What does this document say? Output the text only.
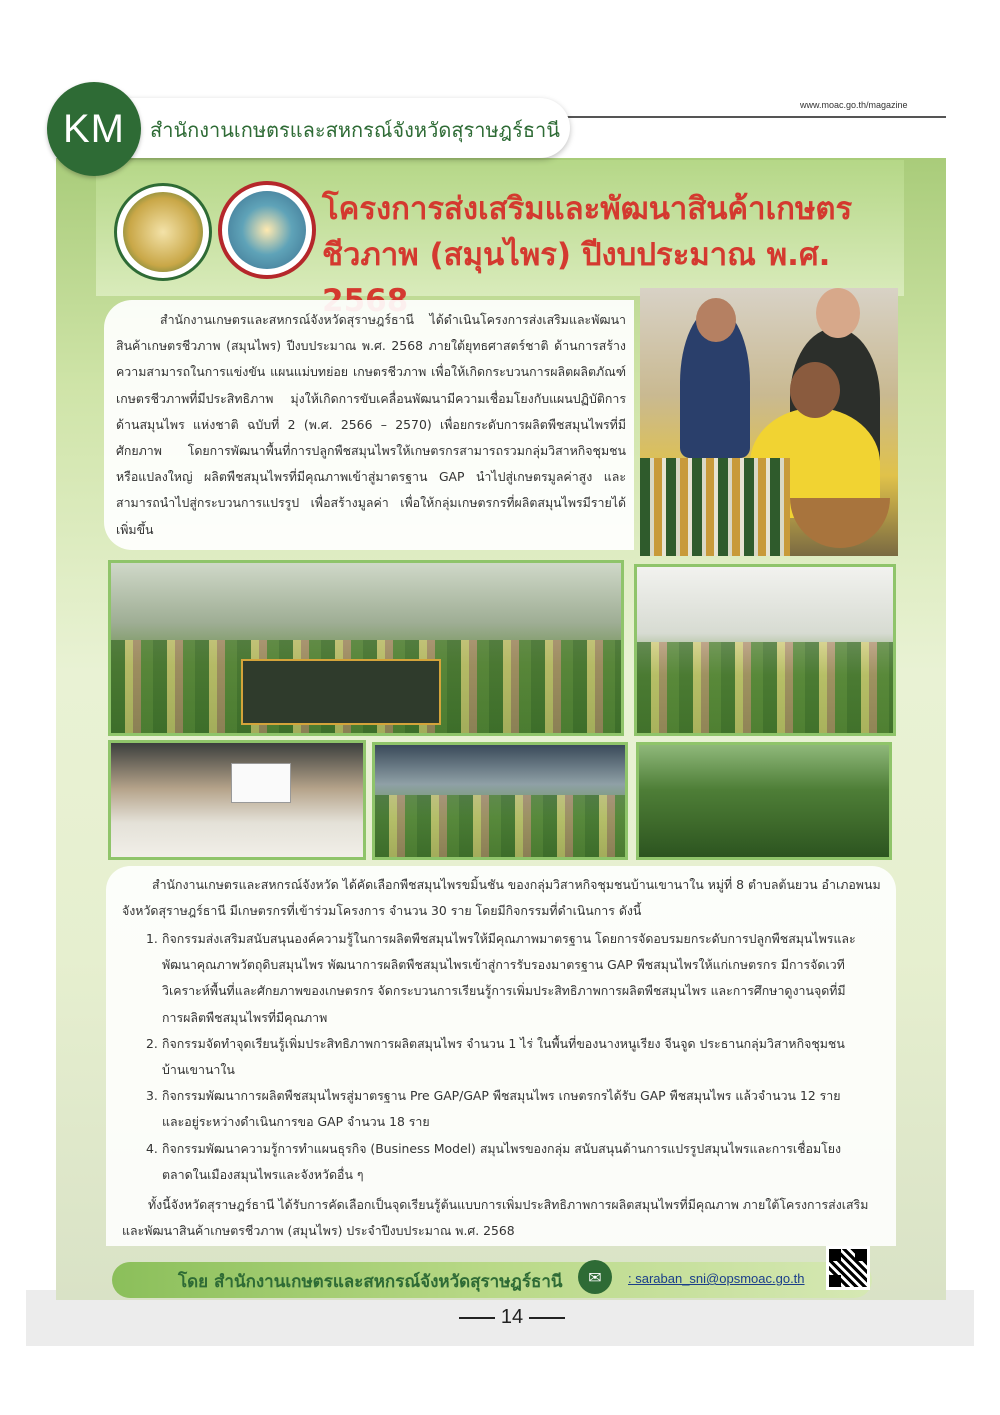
KM	สำนักงานเกษตรและสหกรณ์จังหวัดสุราษฎร์ธานี
www.moac.go.th/magazine
โครงการส่งเสริมและพัฒนาสินค้าเกษตรชีวภาพ (สมุนไพร) ปีงบประมาณ พ.ศ.

สำนักงานเกษตรและสหกรณ์จังหวัดสุราษฎร์ธานี ได้ดำเนินโครงการส่งเสริมและพัฒนาสินค้าเกษตรชีวภาพ (สมุนไพร) ปีงบประมาณ พ.ศ. 2568 ภายใต้ยุทธศาสตร์ชาติ ด้านการสร้างความสามารถในการแข่งขัน แผนแม่บทย่อย เกษตรชีวภาพ เพื่อให้เกิดกระบวนการผลิตผลิตภัณฑ์เกษตรชีวภาพที่มีประสิทธิภาพ มุ่งให้เกิดการขับเคลื่อนพัฒนามีความเชื่อมโยงกับแผนปฏิบัติการด้านสมุนไพร แห่งชาติ ฉบับที่ 2 (พ.ศ. 2566 – 2570) เพื่อยกระดับการผลิตพืชสมุนไพรที่มีศักยภาพ โดยการพัฒนาพื้นที่การปลูกพืชสมุนไพรให้เกษตรกรสามารถรวมกลุ่มวิสาหกิจชุมชน หรือแปลงใหญ่ ผลิตพืชสมุนไพรที่มีคุณภาพเข้าสู่มาตรฐาน GAP นำไปสู่เกษตรมูลค่าสูง และสามารถนำไปสู่กระบวนการแปรรูป เพื่อสร้างมูลค่า เพื่อให้กลุ่มเกษตรกรที่ผลิตสมุนไพรมีรายได้เพิ่มขึ้น

สำนักงานเกษตรและสหกรณ์จังหวัด ได้คัดเลือกพืชสมุนไพรขมิ้นชัน ของกลุ่มวิสาหกิจชุมชนบ้านเขานาใน หมู่ที่ 8 ตำบลต้นยวน อำเภอพนม จังหวัดสุราษฎร์ธานี มีเกษตรกรที่เข้าร่วมโครงการ จำนวน 30 ราย โดยมีกิจกรรมที่ดำเนินการ ดังนี้

1. กิจกรรมส่งเสริมสนับสนุนองค์ความรู้ในการผลิตพืชสมุนไพรให้มีคุณภาพมาตรฐาน โดยการจัดอบรมยกระดับการปลูกพืชสมุนไพรและพัฒนาคุณภาพวัตถุดิบสมุนไพร พัฒนาการผลิตพืชสมุนไพรเข้าสู่การรับรองมาตรฐาน GAP พืชสมุนไพรให้แก่เกษตรกร มีการจัดเวทีวิเคราะห์พื้นที่และศักยภาพของเกษตรกร จัดกระบวนการเรียนรู้การเพิ่มประสิทธิภาพการผลิตพืชสมุนไพร และการศึกษาดูงานจุดที่มีการผลิตพืชสมุนไพรที่มีคุณภาพ
2. กิจกรรมจัดทำจุดเรียนรู้เพิ่มประสิทธิภาพการผลิตสมุนไพร จำนวน 1 ไร่ ในพื้นที่ของนางหนูเรียง จีนจูด ประธานกลุ่มวิสาหกิจชุมชนบ้านเขานาใน
3. กิจกรรมพัฒนาการผลิตพืชสมุนไพรสู่มาตรฐาน Pre GAP/GAP พืชสมุนไพร เกษตรกรได้รับ GAP พืชสมุนไพร แล้วจำนวน 12 ราย และอยู่ระหว่างดำเนินการขอ GAP จำนวน 18 ราย
4. กิจกรรมพัฒนาความรู้การทำแผนธุรกิจ (Business Model) สมุนไพรของกลุ่ม สนับสนุนด้านการแปรรูปสมุนไพรและการเชื่อมโยงตลาดในเมืองสมุนไพรและจังหวัดอื่น ๆ

ทั้งนี้จังหวัดสุราษฎร์ธานี ได้รับการคัดเลือกเป็นจุดเรียนรู้ต้นแบบการเพิ่มประสิทธิภาพการผลิตสมุนไพรที่มีคุณภาพ ภายใต้โครงการส่งเสริมและพัฒนาสินค้าเกษตรชีวภาพ (สมุนไพร) ประจำปีงบประมาณ พ.ศ. 2568

โดย สำนักงานเกษตรและสหกรณ์จังหวัดสุราษฎร์ธานี	✉	: saraban_sni@opsmoac.go.th
14
